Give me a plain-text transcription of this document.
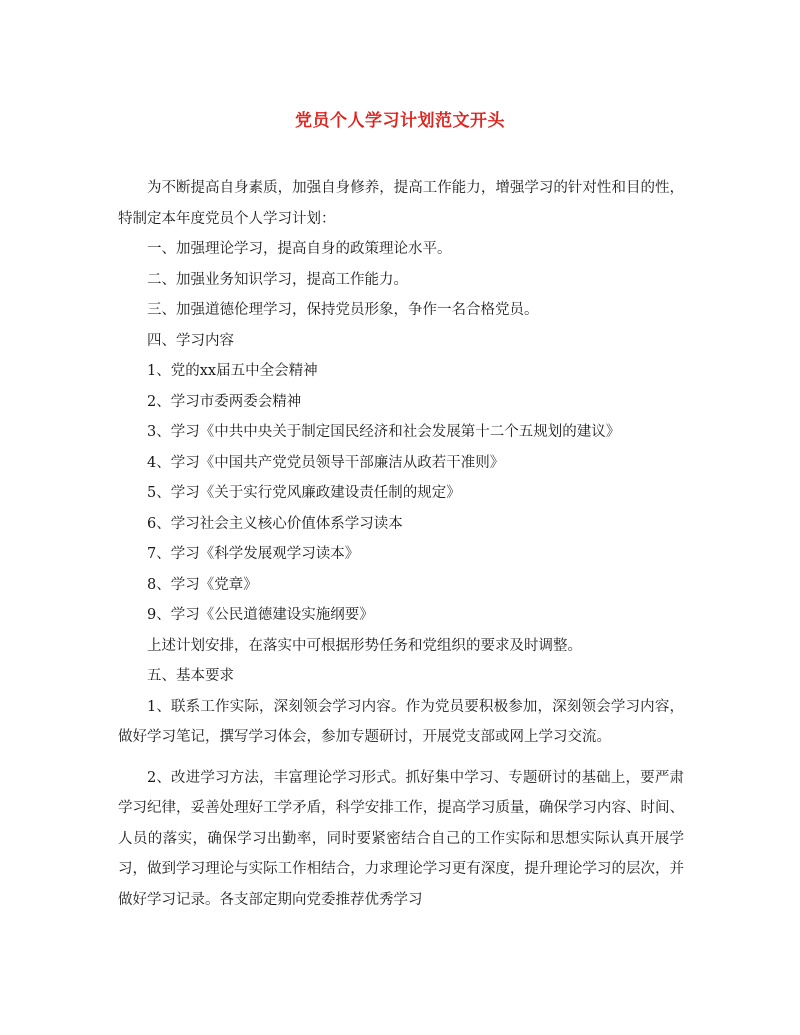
党员个人学习计划范文开头

为不断提高自身素质，加强自身修养，提高工作能力，增强学习的针对性和目的性，特制定本年度党员个人学习计划：

一、加强理论学习，提高自身的政策理论水平。

二、加强业务知识学习，提高工作能力。

三、加强道德伦理学习，保持党员形象，争作一名合格党员。

四、学习内容

1、党的xx届五中全会精神

2、学习市委两委会精神

3、学习《中共中央关于制定国民经济和社会发展第十二个五规划的建议》

4、学习《中国共产党党员领导干部廉洁从政若干准则》

5、学习《关于实行党风廉政建设责任制的规定》

6、学习社会主义核心价值体系学习读本

7、学习《科学发展观学习读本》

8、学习《党章》

9、学习《公民道德建设实施纲要》

上述计划安排，在落实中可根据形势任务和党组织的要求及时调整。

五、基本要求

1、联系工作实际，深刻领会学习内容。作为党员要积极参加，深刻领会学习内容，做好学习笔记，撰写学习体会，参加专题研讨，开展党支部或网上学习交流。

2、改进学习方法，丰富理论学习形式。抓好集中学习、专题研讨的基础上，要严肃学习纪律，妥善处理好工学矛盾，科学安排工作，提高学习质量，确保学习内容、时间、人员的落实，确保学习出勤率，同时要紧密结合自己的工作实际和思想实际认真开展学习，做到学习理论与实际工作相结合，力求理论学习更有深度，提升理论学习的层次，并做好学习记录。各支部定期向党委推荐优秀学习
